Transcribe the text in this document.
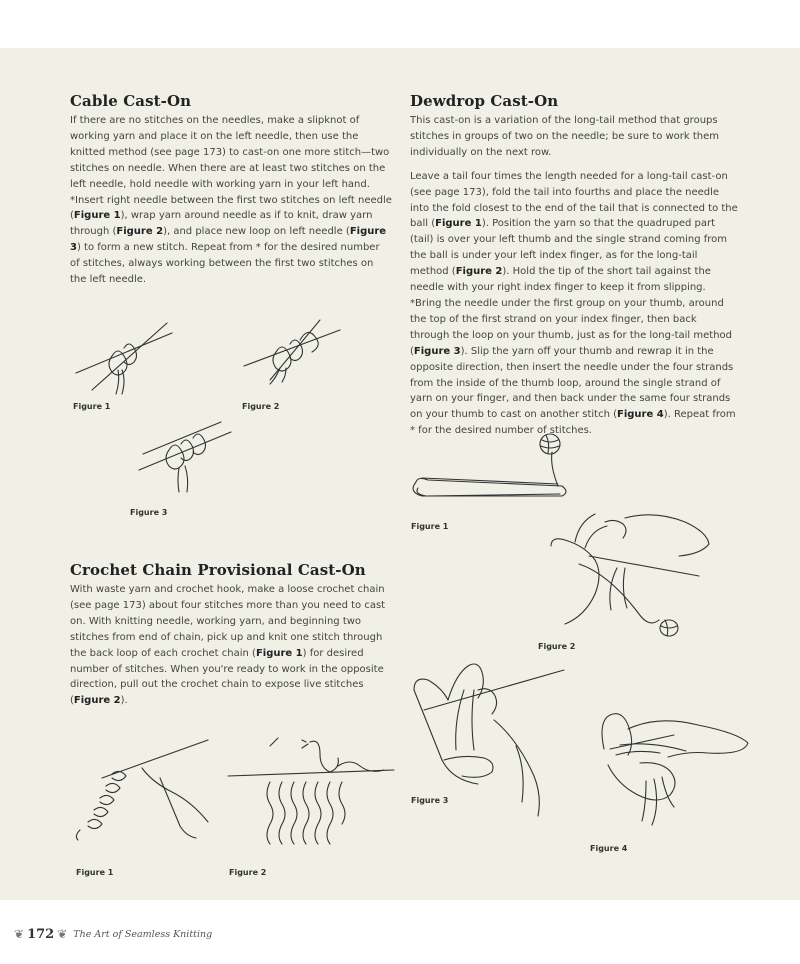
Cable Cast-On

If there are no stitches on the needles, make a slipknot of working yarn and place it on the left needle, then use the knitted method (see page 173) to cast-on one more stitch—two stitches on needle. When there are at least two stitches on the left needle, hold needle with working yarn in your left hand. *Insert right needle between the first two stitches on left needle (Figure 1), wrap yarn around needle as if to knit, draw yarn through (Figure 2), and place new loop on left needle (Figure 3) to form a new stitch. Repeat from * for the desired number of stitches, always working between the first two stitches on the left needle.

Figure 1	Figure 2
Figure 3
Crochet Chain Provisional Cast-On

With waste yarn and crochet hook, make a loose crochet chain (see page 173) about four stitches more than you need to cast on. With knitting needle, working yarn, and beginning two stitches from end of chain, pick up and knit one stitch through the back loop of each crochet chain (Figure 1) for desired number of stitches. When you're ready to work in the opposite direction, pull out the crochet chain to expose live stitches (Figure 2).

Figure 1	Figure 2
Dewdrop Cast-On

This cast-on is a variation of the long-tail method that groups stitches in groups of two on the needle; be sure to work them individually on the next row.

Leave a tail four times the length needed for a long-tail cast-on (see page 173), fold the tail into fourths and place the needle into the fold closest to the end of the tail that is connected to the ball (Figure 1). Position the yarn so that the quadruped part (tail) is over your left thumb and the single strand coming from the ball is under your left index finger, as for the long-tail method (Figure 2). Hold the tip of the short tail against the needle with your right index finger to keep it from slipping. *Bring the needle under the first group on your thumb, around the top of the first strand on your index finger, then back through the loop on your thumb, just as for the long-tail method (Figure 3). Slip the yarn off your thumb and rewrap it in the opposite direction, then insert the needle under the four strands from the inside of the thumb loop, around the single strand of yarn on your finger, and then back under the same four strands on your thumb to cast on another stitch (Figure 4). Repeat from * for the desired number of stitches.

Figure 1
Figure 2
Figure 3
Figure 4
❦ 172 ❦ The Art of Seamless Knitting
